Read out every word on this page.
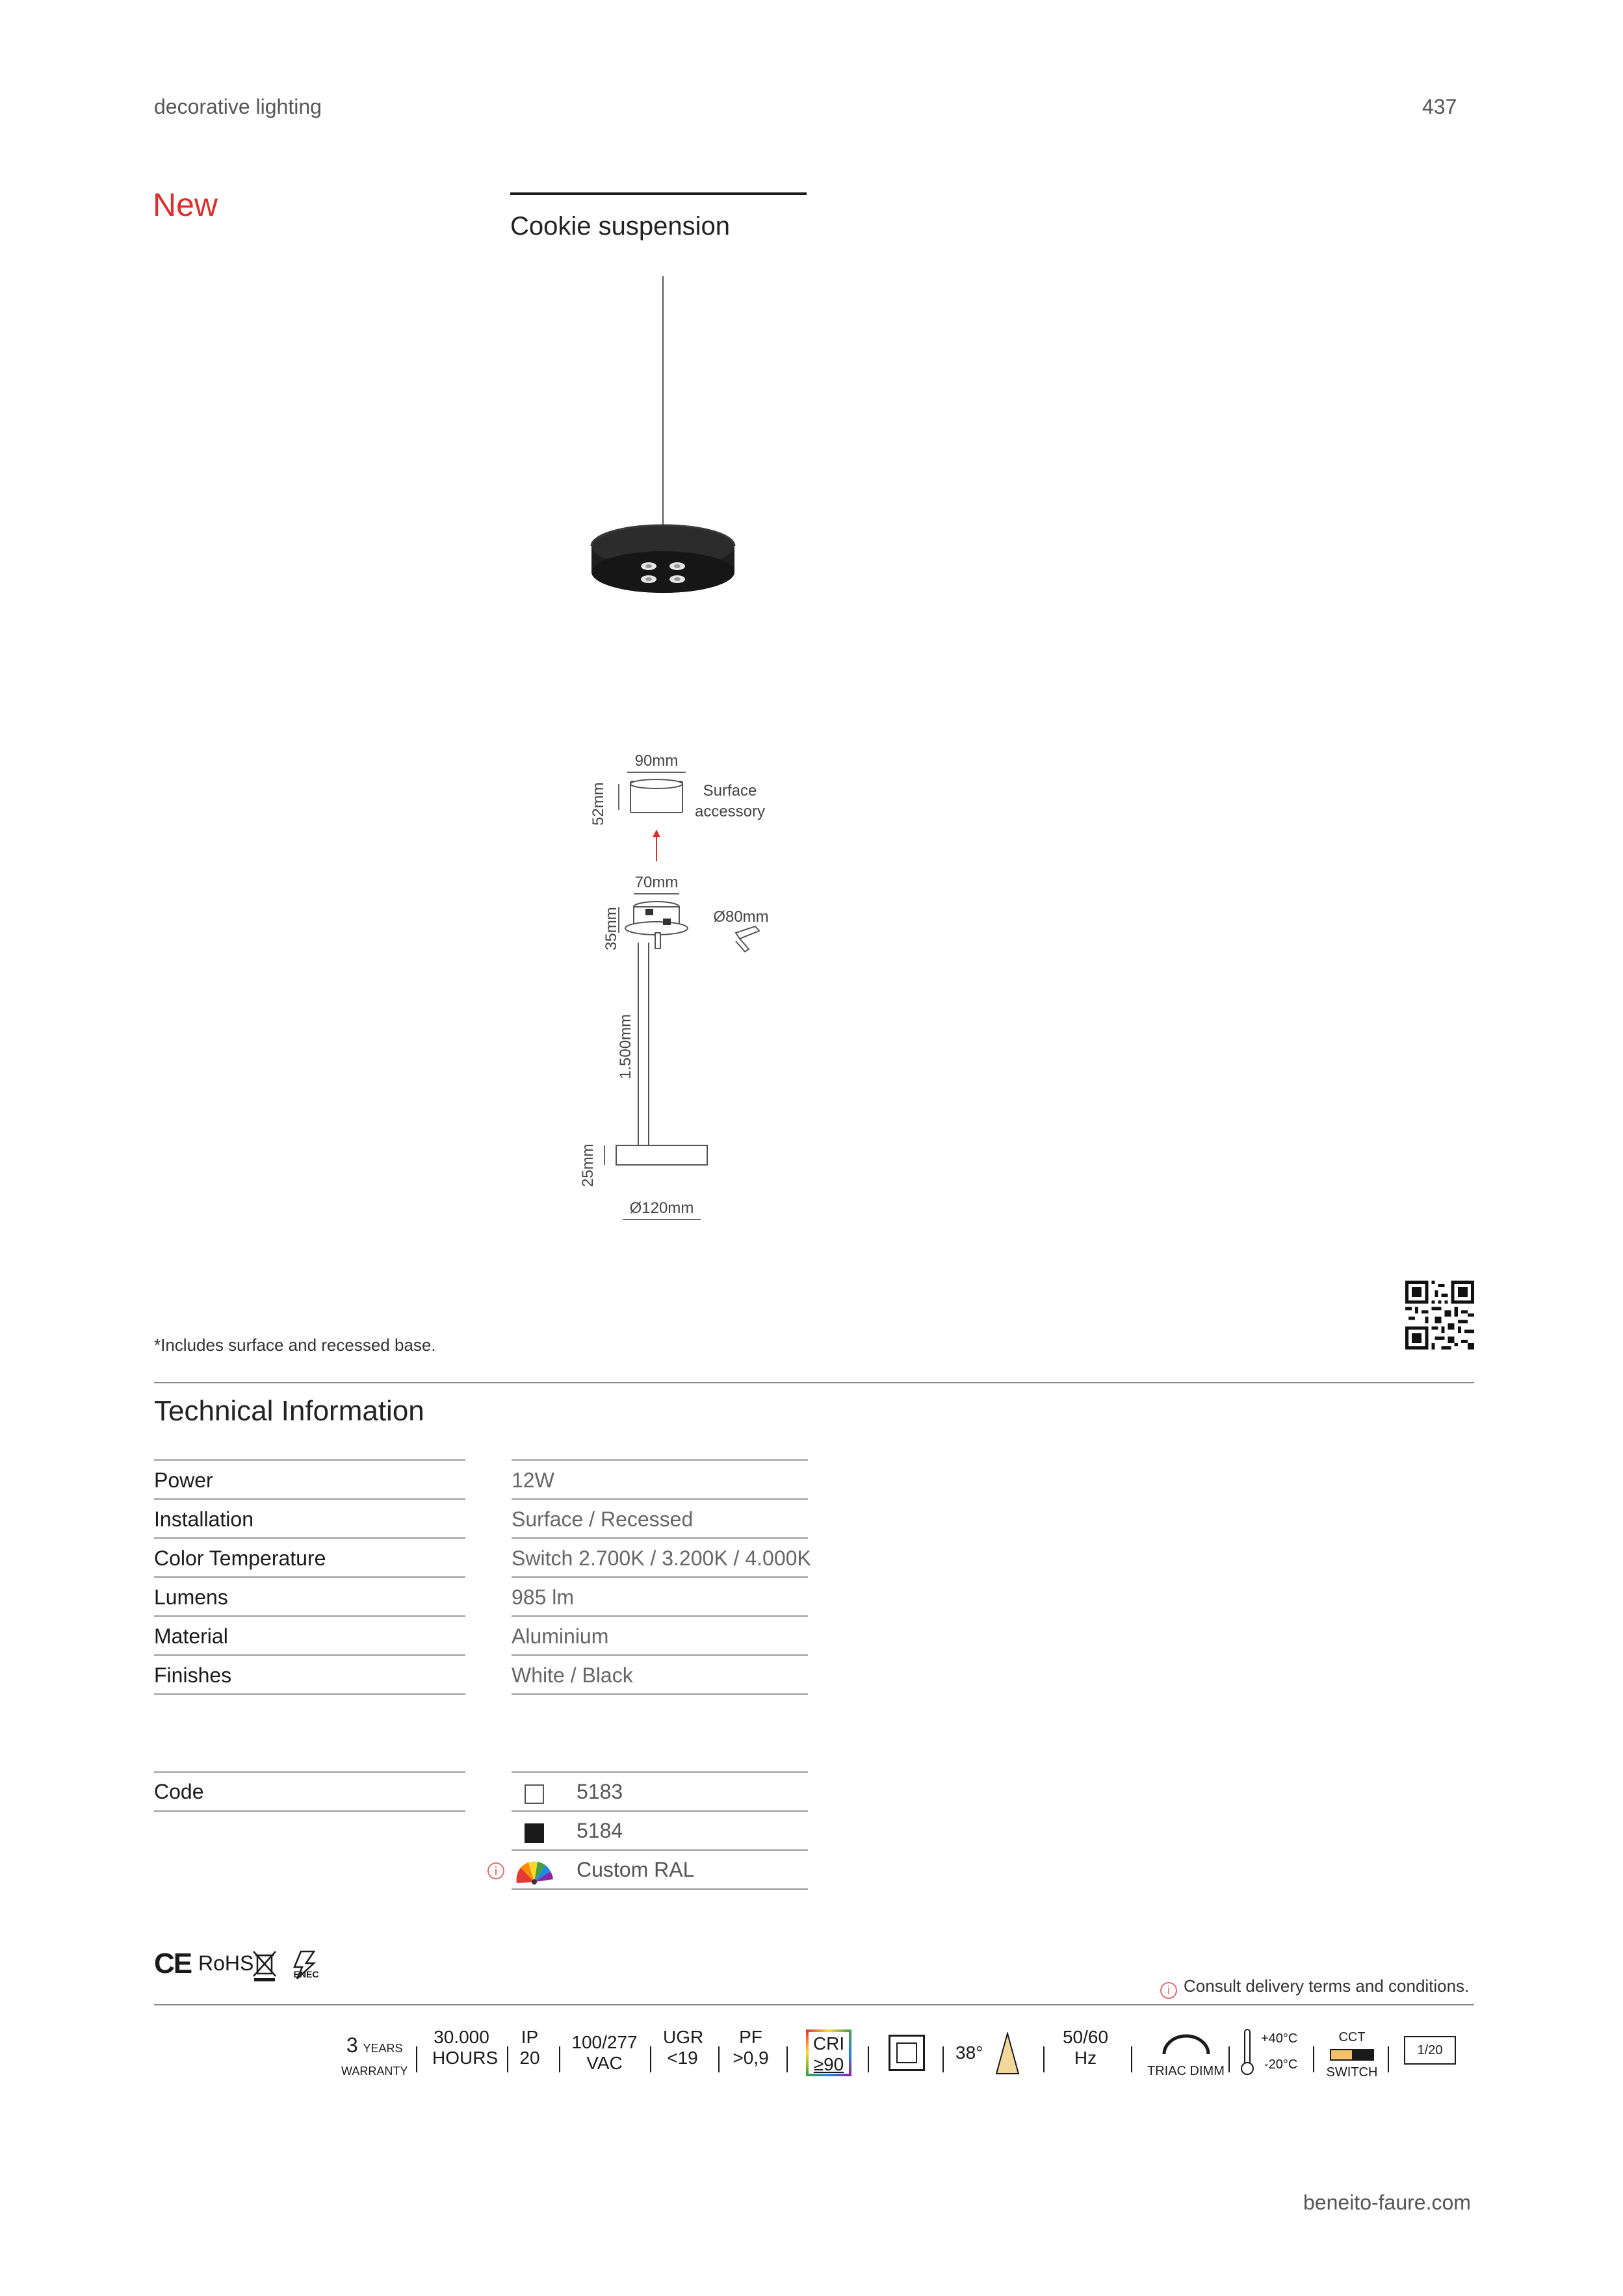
decorative lighting	437
New
Cookie suspension
90mm
52mm	Surface
accessory
70mm
35mm	Ø80mm
1.500mm
25mm
Ø120mm
*Includes surface and recessed base.
Technical Information
Power	12W
Installation	Surface / Recessed
Color Temperature	Switch 2.700K / 3.200K / 4.000K
Lumens	985 lm
Material	Aluminium
Finishes	White / Black
Code	5183
5184
Custom RAL
CE RoHS	ENEC
i Consult delivery terms and conditions.
3 YEARS
WARRANTY
30.000
HOURS
IP
20
100/277
VAC
UGR
<19
PF
>0,9
CRI
≥90
38°
50/60
Hz
TRIAC DIMM
+40°C
-20°C
CCT
SWITCH
1/20
beneito-faure.com
